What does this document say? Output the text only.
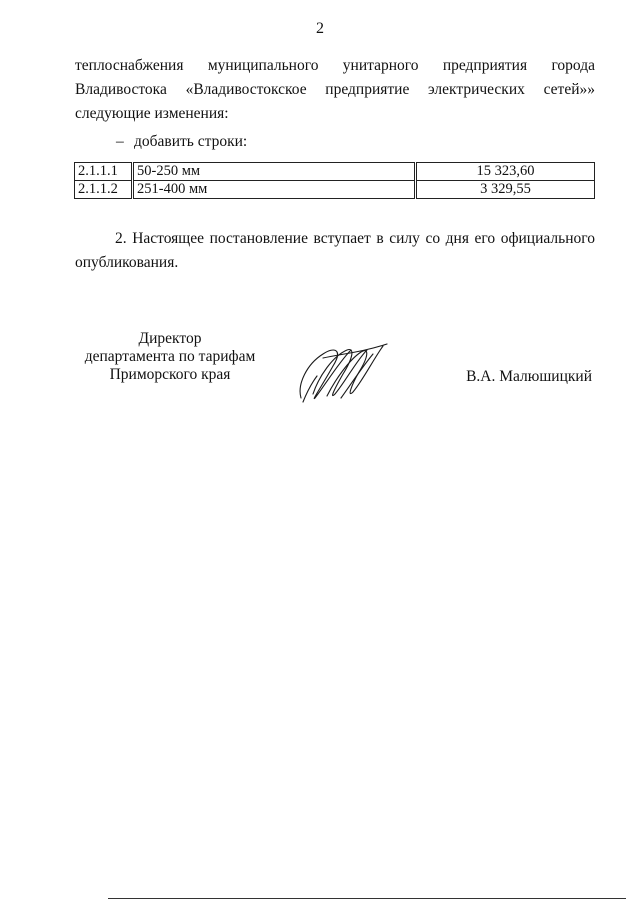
2
теплоснабжения муниципального унитарного предприятия города
Владивостока «Владивостокское предприятие электрических сетей»»
следующие изменения:
– добавить строки:
2.1.1.1	50-250 мм	15 323,60
2.1.1.2	251-400 мм	3 329,55
2. Настоящее постановление вступает в силу со дня его официального
опубликования.
Директор
департамента по тарифам
Приморского края	В.А. Малюшицкий
